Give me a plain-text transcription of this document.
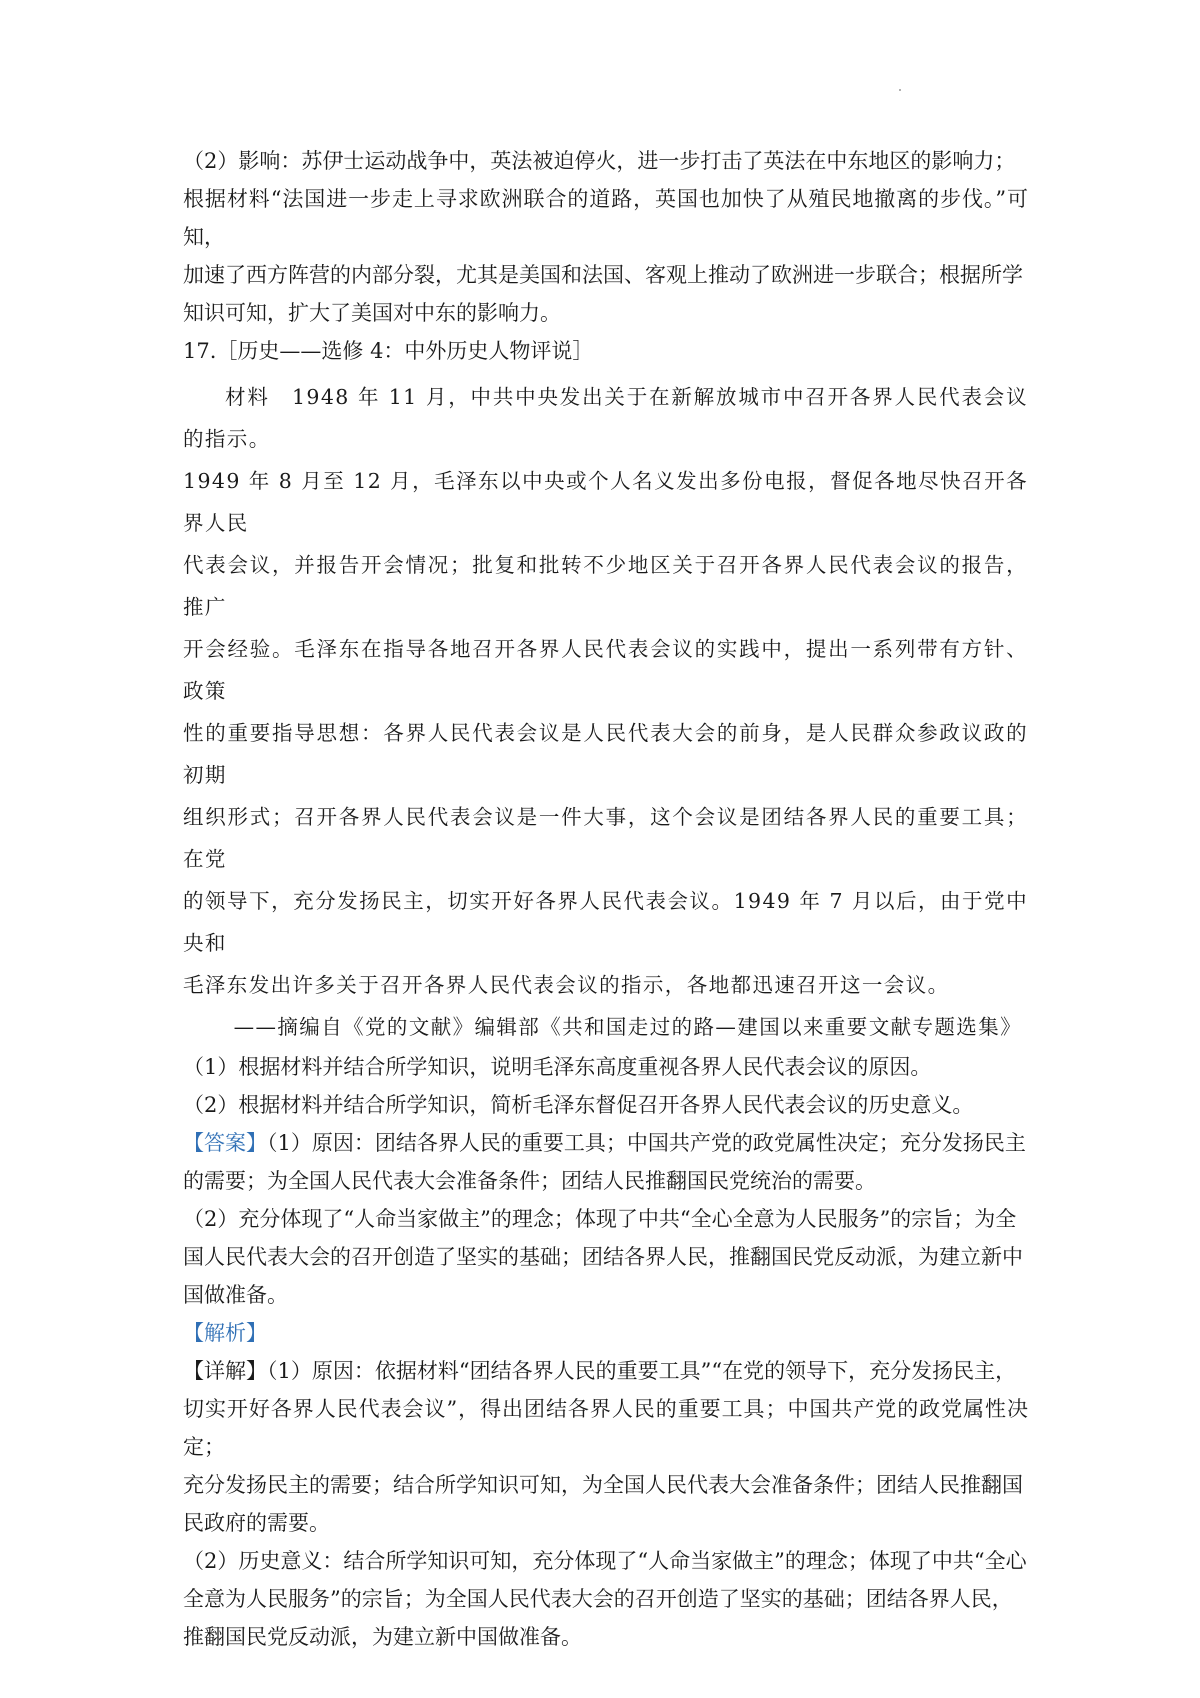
（2）影响：苏伊士运动战争中，英法被迫停火，进一步打击了英法在中东地区的影响力；

根据材料“法国进一步走上寻求欧洲联合的道路，英国也加快了从殖民地撤离的步伐。”可知，

加速了西方阵营的内部分裂，尤其是美国和法国、客观上推动了欧洲进一步联合；根据所学

知识可知，扩大了美国对中东的影响力。

17.［历史——选修 4：中外历史人物评说］

材料　1948 年 11 月，中共中央发出关于在新解放城市中召开各界人民代表会议的指示。

1949 年 8 月至 12 月，毛泽东以中央或个人名义发出多份电报，督促各地尽快召开各界人民

代表会议，并报告开会情况；批复和批转不少地区关于召开各界人民代表会议的报告，推广

开会经验。毛泽东在指导各地召开各界人民代表会议的实践中，提出一系列带有方针、政策

性的重要指导思想：各界人民代表会议是人民代表大会的前身，是人民群众参政议政的初期

组织形式；召开各界人民代表会议是一件大事，这个会议是团结各界人民的重要工具；在党

的领导下，充分发扬民主，切实开好各界人民代表会议。1949 年 7 月以后，由于党中央和

毛泽东发出许多关于召开各界人民代表会议的指示，各地都迅速召开这一会议。

——摘编自《党的文献》编辑部《共和国走过的路—建国以来重要文献专题选集》

（1）根据材料并结合所学知识，说明毛泽东高度重视各界人民代表会议的原因。

（2）根据材料并结合所学知识，简析毛泽东督促召开各界人民代表会议的历史意义。

【答案】（1）原因：团结各界人民的重要工具；中国共产党的政党属性决定；充分发扬民主

的需要；为全国人民代表大会准备条件；团结人民推翻国民党统治的需要。

（2）充分体现了“人命当家做主”的理念；体现了中共“全心全意为人民服务”的宗旨；为全

国人民代表大会的召开创造了坚实的基础；团结各界人民，推翻国民党反动派，为建立新中

国做准备。

【解析】

【详解】（1）原因：依据材料“团结各界人民的重要工具”“在党的领导下，充分发扬民主，

切实开好各界人民代表会议”，得出团结各界人民的重要工具；中国共产党的政党属性决定；

充分发扬民主的需要；结合所学知识可知，为全国人民代表大会准备条件；团结人民推翻国

民政府的需要。

（2）历史意义：结合所学知识可知，充分体现了“人命当家做主”的理念；体现了中共“全心

全意为人民服务”的宗旨；为全国人民代表大会的召开创造了坚实的基础；团结各界人民，

推翻国民党反动派，为建立新中国做准备。
